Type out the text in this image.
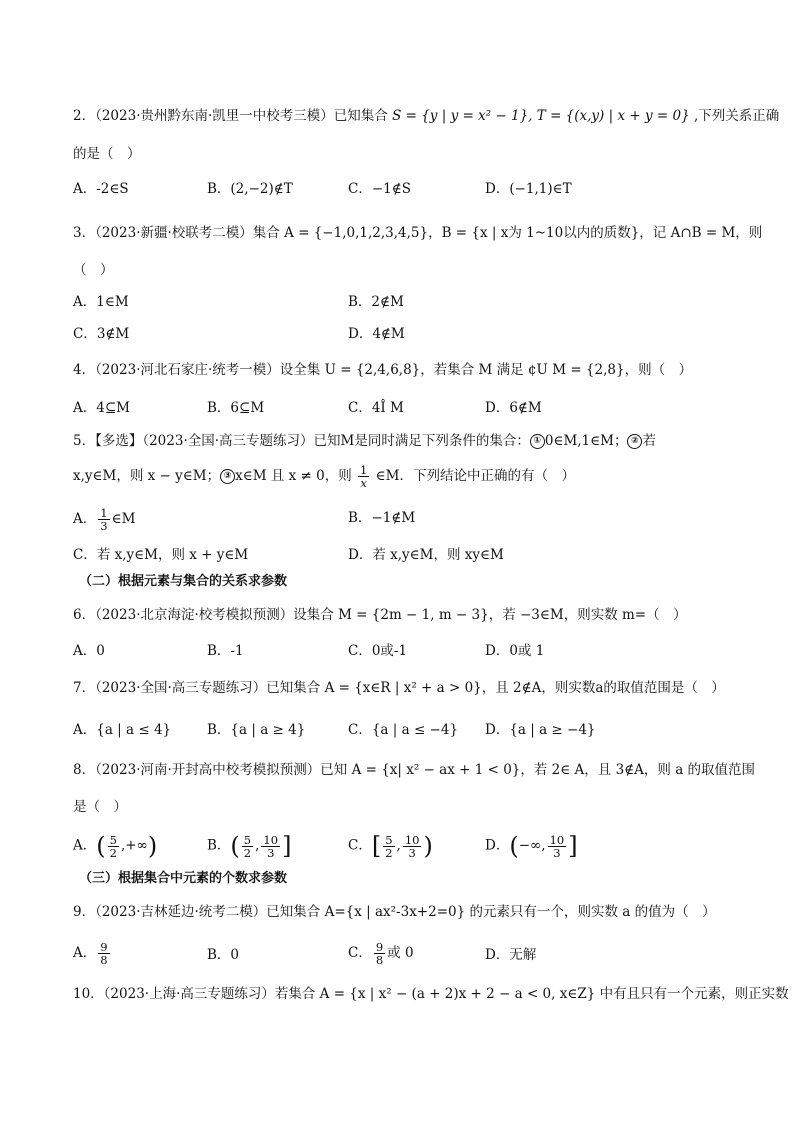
2．（2023·贵州黔东南·凯里一中校考三模）已知集合 S = {y | y = x² − 1}, T = {(x,y) | x + y = 0} ,下列关系正确
的是（　）
A．-2∈S	B．(2,−2)∉T	C．−1∉S	D．(−1,1)∈T
3．（2023·新疆·校联考二模）集合 A = {−1,0,1,2,3,4,5}，B = {x | x为 1~10以内的质数}，记 A∩B = M，则
（　）
A．1∈M	B．2∉M
C．3∉M	D．4∉M
4．（2023·河北石家庄·统考一模）设全集 U = {2,4,6,8}，若集合 M 满足 ¢U M = {2,8}，则（　）
A．4⊆M	B．6⊆M	C．4Î M	D．6∉M
5．【多选】（2023·全国·高三专题练习）已知M是同时满足下列条件的集合： ① 0∈M,1∈M； ② 若
x,y∈M，则 x − y∈M； ③ x∈M 且 x ≠ 0，则 $\frac{1}{x}$ ∈M．下列结论中正确的有（　）
A． $\frac{1}{3}$ ∈M	B．−1∉M
C．若 x,y∈M，则 x + y∈M	D．若 x,y∈M，则 xy∈M
（二）根据元素与集合的关系求参数
6．（2023·北京海淀·校考模拟预测）设集合 M = {2m − 1, m − 3}，若 −3∈M，则实数 m=（　）
A．0	B．-1	C．0或-1	D．0或 1
7．（2023·全国·高三专题练习）已知集合 A = {x∈R | x² + a > 0}，且 2∉A，则实数a的取值范围是（　）
A．{a | a ≤ 4}	B．{a | a ≥ 4}	C．{a | a ≤ −4} D．{a | a ≥ −4}
8．（2023·河南·开封高中校考模拟预测）已知 A = {x| x² − ax + 1 < 0}，若 2∈ A，且 3∉A，则 a 的取值范围
是（　）
A．( $\frac{5}{2}$ ,+∞)	B．( $\frac{5}{2}$ , $\frac{10}{3}$ ]	C．[ $\frac{5}{2}$ , $\frac{10}{3}$ )	D．(−∞, $\frac{10}{3}$ ]
（三）根据集合中元素的个数求参数
9．（2023·吉林延边·统考二模）已知集合 A={x | ax²-3x+2=0} 的元素只有一个，则实数 a 的值为（　）
A． $\frac{9}{8}$	B．0	C． $\frac{9}{8}$ 或 0	D．无解
10．（2023·上海·高三专题练习）若集合 A = {x | x² − (a + 2)x + 2 − a < 0, x∈Z} 中有且只有一个元素，则正实数
